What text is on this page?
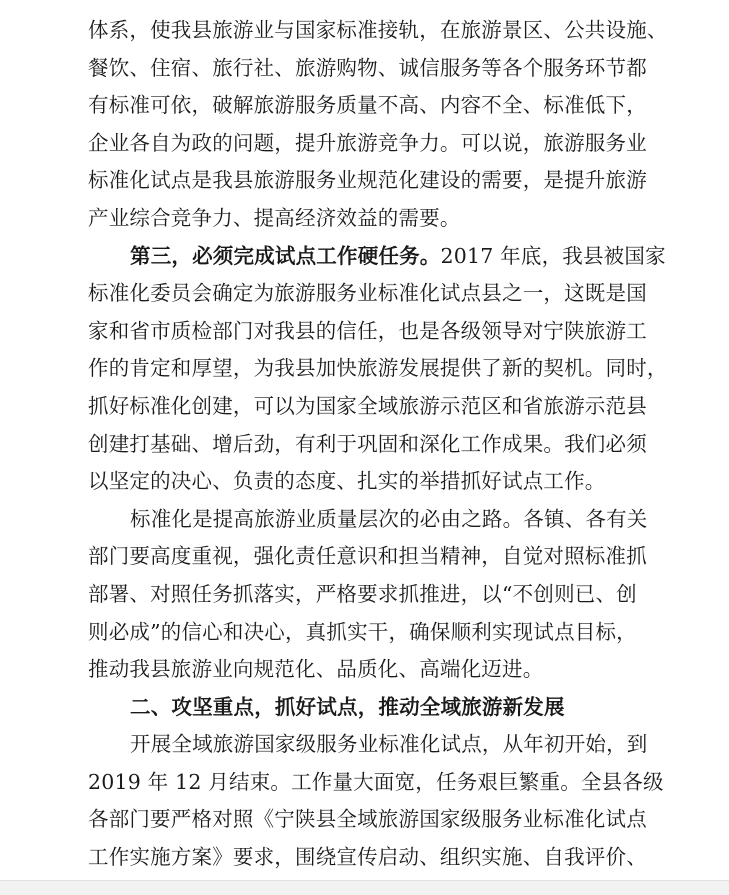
体系，使我县旅游业与国家标准接轨，在旅游景区、公共设施、
餐饮、住宿、旅行社、旅游购物、诚信服务等各个服务环节都
有标准可依，破解旅游服务质量不高、内容不全、标准低下，
企业各自为政的问题，提升旅游竞争力。可以说，旅游服务业
标准化试点是我县旅游服务业规范化建设的需要，是提升旅游
产业综合竞争力、提高经济效益的需要。
第三，必须完成试点工作硬任务。2017 年底，我县被国家
标准化委员会确定为旅游服务业标准化试点县之一，这既是国
家和省市质检部门对我县的信任，也是各级领导对宁陕旅游工
作的肯定和厚望，为我县加快旅游发展提供了新的契机。同时，
抓好标准化创建，可以为国家全域旅游示范区和省旅游示范县
创建打基础、增后劲，有利于巩固和深化工作成果。我们必须
以坚定的决心、负责的态度、扎实的举措抓好试点工作。
标准化是提高旅游业质量层次的必由之路。各镇、各有关
部门要高度重视，强化责任意识和担当精神，自觉对照标准抓
部署、对照任务抓落实，严格要求抓推进，以“不创则已、创
则必成”的信心和决心，真抓实干，确保顺利实现试点目标，
推动我县旅游业向规范化、品质化、高端化迈进。
二、攻坚重点，抓好试点，推动全域旅游新发展
开展全域旅游国家级服务业标准化试点，从年初开始，到
2019 年 12 月结束。工作量大面宽，任务艰巨繁重。全县各级
各部门要严格对照《宁陕县全域旅游国家级服务业标准化试点
工作实施方案》要求，围绕宣传启动、组织实施、自我评价、
